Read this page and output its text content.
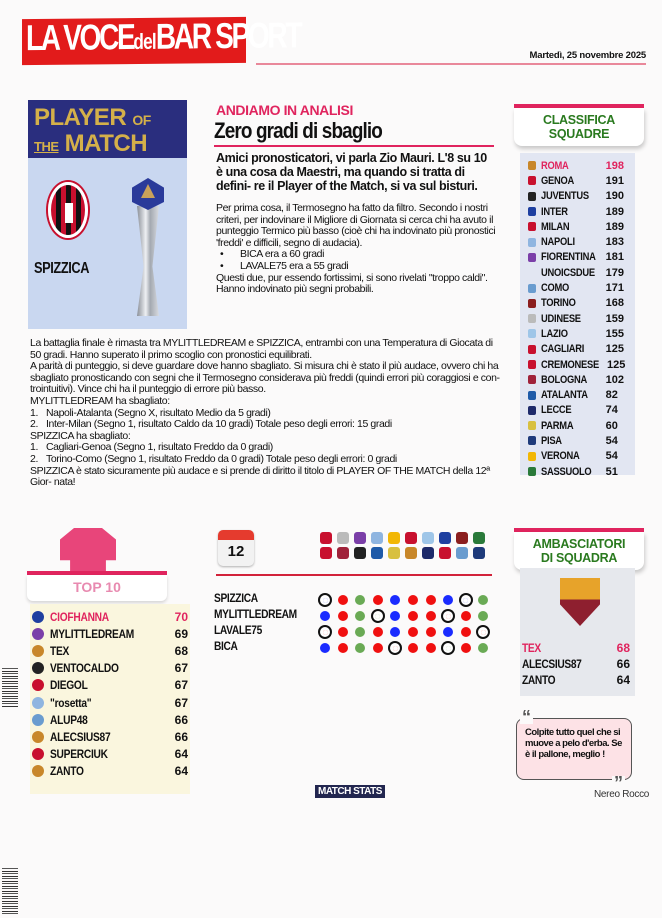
LA VOCEdelBAR SPORT	Martedì, 25 novembre 2025
PLAYER OF
THE MATCH
SPIZZICA
ANDIAMO IN ANALISI
Zero gradi di sbaglio
Amici pronosticatori, vi parla Zio Mauri. L'8 su 10 è una cosa da Maestri, ma quando si tratta di defini- re il Player of the Match, si va sul bisturi.

Per prima cosa, il Termosegno ha fatto da filtro. Secondo i nostri criteri, per indovinare il Migliore di Giornata si cerca chi ha avuto il punteggio Termico più basso (cioè chi ha indovinato più pronostici 'freddi' e difficili, segno di audacia).

• BICA era a 60 gradi

• LAVALE75 era a 55 gradi

Questi due, pur essendo fortissimi, si sono rivelati "troppo caldi". Hanno indovinato più segni probabili.

La battaglia finale è rimasta tra MYLITTLEDREAM e SPIZZICA, entrambi con una Temperatura di Giocata di 50 gradi. Hanno superato il primo scoglio con pronostici equilibrati.

A parità di punteggio, si deve guardare dove hanno sbagliato. Si misura chi è stato il più audace, ovvero chi ha sbagliato pronosticando con segni che il Termosegno considerava più freddi (quindi errori più coraggiosi e con- trointuitivi). Vince chi ha il punteggio di errore più basso.

MYLITTLEDREAM ha sbagliato:

1. Napoli-Atalanta (Segno X, risultato Medio da 5 gradi)

2. Inter-Milan (Segno 1, risultato Caldo da 10 gradi) Totale peso degli errori: 15 gradi

SPIZZICA ha sbagliato:

1. Cagliari-Genoa (Segno 1, risultato Freddo da 0 gradi)

2. Torino-Como (Segno 1, risultato Freddo da 0 gradi) Totale peso degli errori: 0 gradi

SPIZZICA è stato sicuramente più audace e si prende di diritto il titolo di PLAYER OF THE MATCH della 12ª Gior- nata!

TOP 10
CIOFHANNA	70
MYLITTLEDREAM	69
TEX	68
VENTOCALDO	67
DIEGOL	67
"rosetta"	67
ALUP48	66
ALECSIUS87	66
SUPERCIUK	64
ZANTO	64
12
SPIZZICA
MYLITTLEDREAM
LAVALE75
BICA
MATCH STATS
CLASSIFICA
SQUADRE
ROMA	198
GENOA	191
JUVENTUS	190
INTER	189
MILAN	189
NAPOLI	183
FIORENTINA 181
UNOICSDUE 179
COMO	171
TORINO	168
UDINESE	159
LAZIO	155
CAGLIARI	125
CREMONESE 125
BOLOGNA	102
ATALANTA	82
LECCE	74
PARMA	60
PISA	54
VERONA	54
SASSUOLO	51
AMBASCIATORI
DI SQUADRA
TEX	68
ALECSIUS87	66
ZANTO	64
Colpite tutto quel che si muove a pelo d'erba. Se è il pallone, meglio !
“
”
Nereo Rocco
